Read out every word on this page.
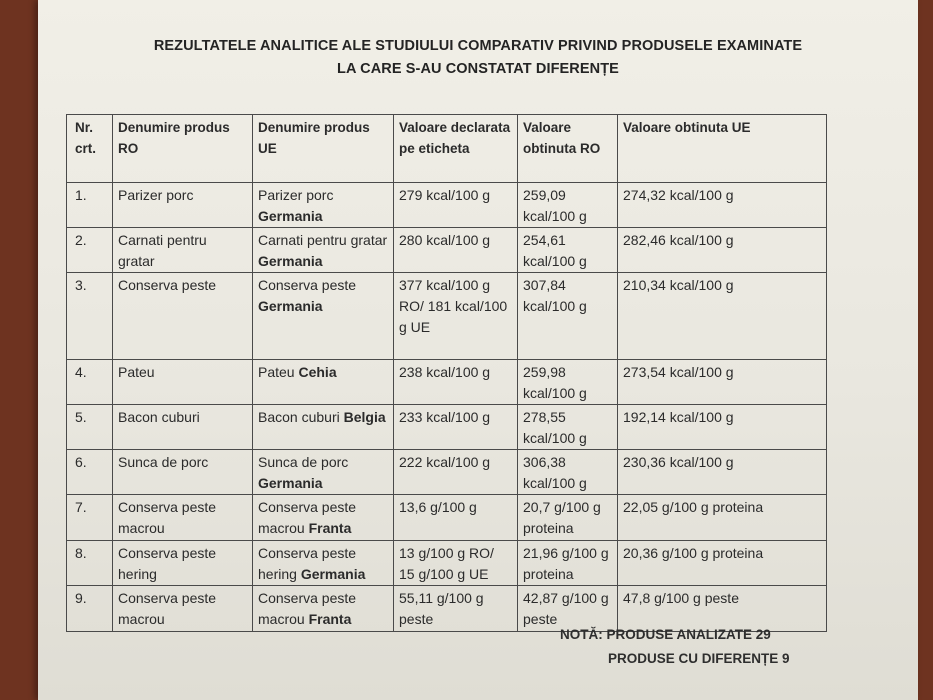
REZULTATELE ANALITICE ALE STUDIULUI COMPARATIV PRIVIND PRODUSELE EXAMINATE
LA CARE S-AU CONSTATAT DIFERENȚE
Nr. crt.	Denumire produs RO	Denumire produs UE	Valoare declarata pe eticheta	Valoare obtinuta RO	Valoare obtinuta UE
1.	Parizer porc	Parizer porc Germania	279 kcal/100 g	259,09 kcal/100 g	274,32 kcal/100 g
2.	Carnati pentru gratar	Carnati pentru gratar Germania	280 kcal/100 g	254,61 kcal/100 g	282,46 kcal/100 g
3.	Conserva peste	Conserva peste Germania	377 kcal/100 g RO/ 181 kcal/100 g UE	307,84 kcal/100 g	210,34 kcal/100 g
4.	Pateu	Pateu Cehia	238 kcal/100 g	259,98 kcal/100 g	273,54 kcal/100 g
5.	Bacon cuburi	Bacon cuburi Belgia	233 kcal/100 g	278,55 kcal/100 g	192,14 kcal/100 g
6.	Sunca de porc	Sunca de porc Germania	222 kcal/100 g	306,38 kcal/100 g	230,36 kcal/100 g
7.	Conserva peste macrou	Conserva peste macrou Franta	13,6 g/100 g	20,7 g/100 g proteina	22,05 g/100 g proteina
8.	Conserva peste hering	Conserva peste hering Germania	13 g/100 g RO/ 15 g/100 g UE	21,96 g/100 g proteina	20,36 g/100 g proteina
9.	Conserva peste macrou	Conserva peste macrou Franta	55,11 g/100 g peste	42,87 g/100 g peste	47,8 g/100 g peste
NOTĂ: PRODUSE ANALIZATE 29
PRODUSE CU DIFERENȚE 9
